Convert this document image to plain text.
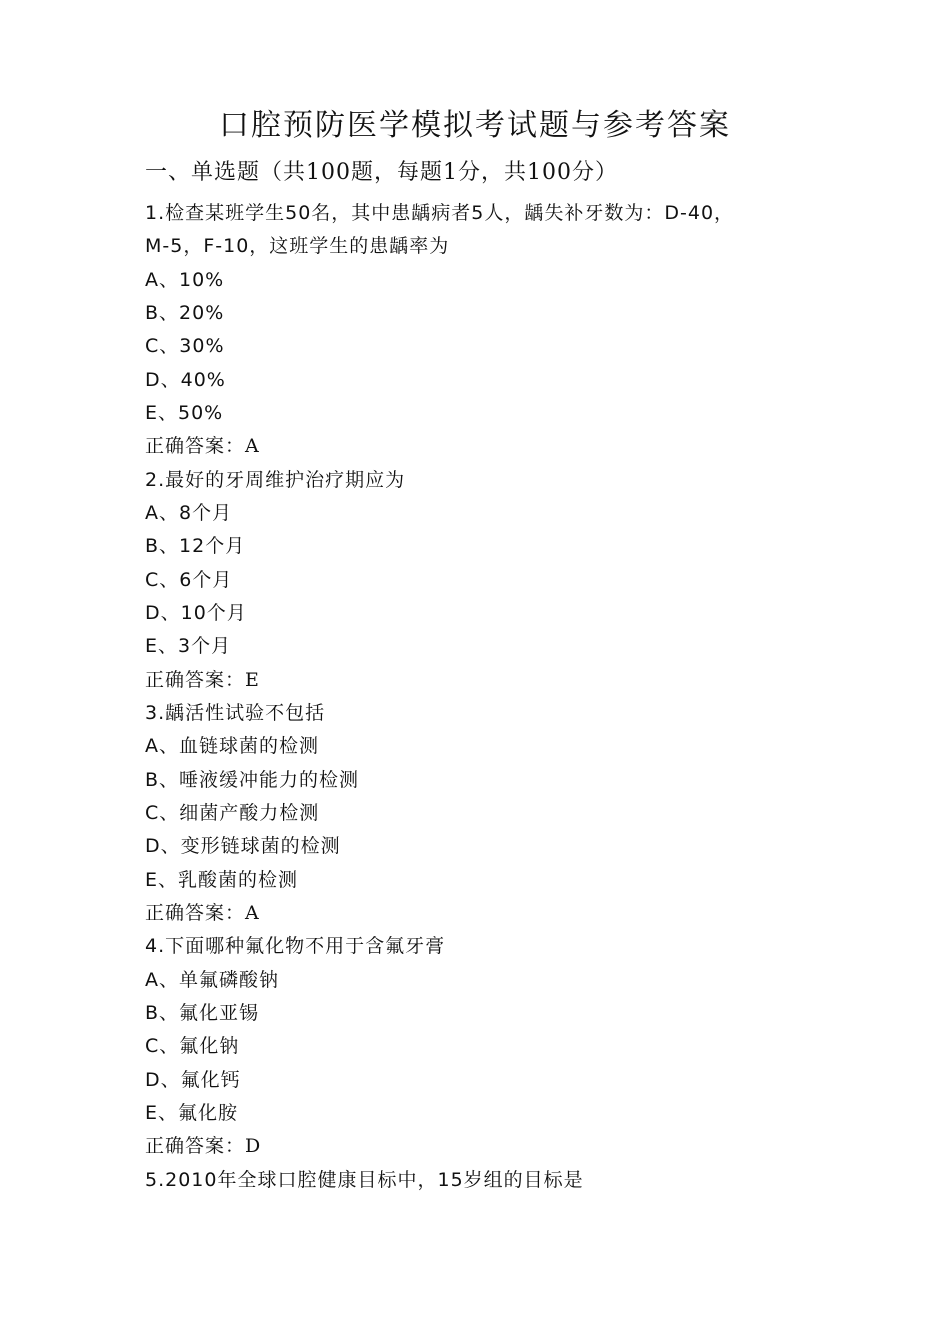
口腔预防医学模拟考试题与参考答案
一、单选题（共100题，每题1分，共100分）
1.检查某班学生50名，其中患龋病者5人，龋失补牙数为：D-40，
M-5，F-10，这班学生的患龋率为
A、10%
B、20%
C、30%
D、40%
E、50%
正确答案：A
2.最好的牙周维护治疗期应为
A、8个月
B、12个月
C、6个月
D、10个月
E、3个月
正确答案：E
3.龋活性试验不包括
A、血链球菌的检测
B、唾液缓冲能力的检测
C、细菌产酸力检测
D、变形链球菌的检测
E、乳酸菌的检测
正确答案：A
4.下面哪种氟化物不用于含氟牙膏
A、单氟磷酸钠
B、氟化亚锡
C、氟化钠
D、氟化钙
E、氟化胺
正确答案：D
5.2010年全球口腔健康目标中，15岁组的目标是
